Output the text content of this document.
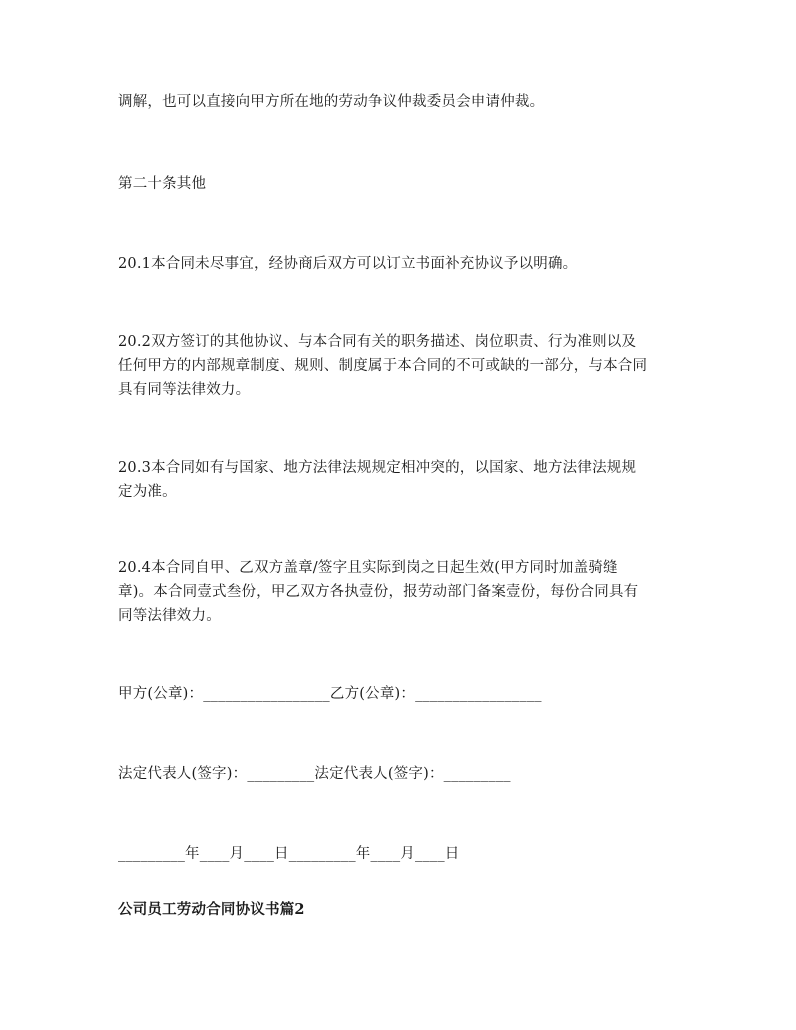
调解，也可以直接向甲方所在地的劳动争议仲裁委员会申请仲裁。
第二十条其他
20.1本合同未尽事宜，经协商后双方可以订立书面补充协议予以明确。
20.2双方签订的其他协议、与本合同有关的职务描述、岗位职责、行为准则以及
任何甲方的内部规章制度、规则、制度属于本合同的不可或缺的一部分，与本合同
具有同等法律效力。
20.3本合同如有与国家、地方法律法规规定相冲突的，以国家、地方法律法规规
定为准。
20.4本合同自甲、乙双方盖章/签字且实际到岗之日起生效(甲方同时加盖骑缝
章)。本合同壹式叁份，甲乙双方各执壹份，报劳动部门备案壹份，每份合同具有
同等法律效力。
甲方(公章)：_________________乙方(公章)：_________________
法定代表人(签字)：_________法定代表人(签字)：_________
_________年____月____日_________年____月____日
公司员工劳动合同协议书篇2
